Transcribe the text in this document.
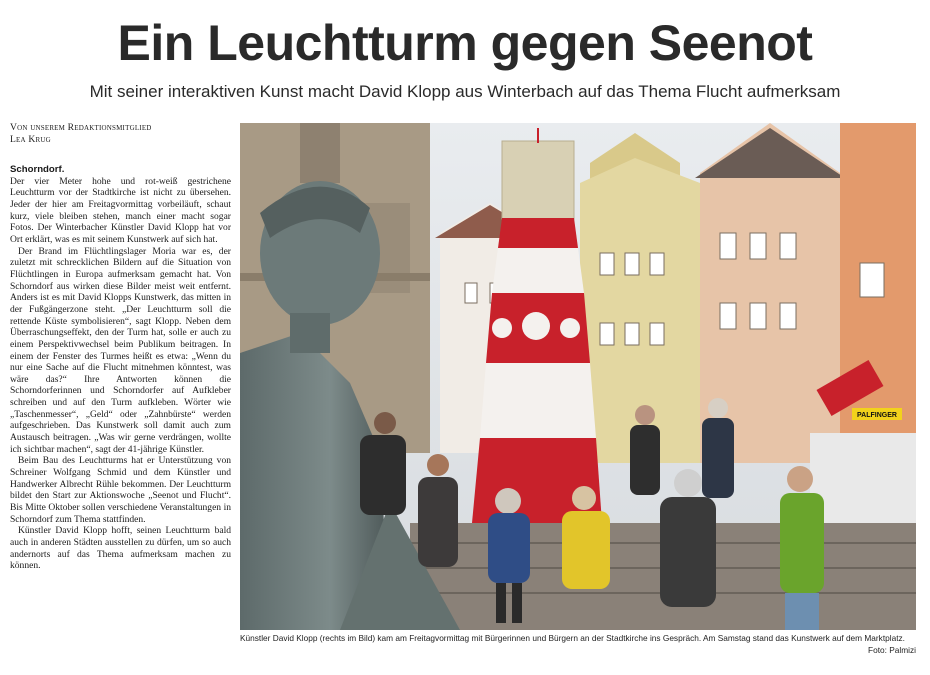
Ein Leuchtturm gegen Seenot
Mit seiner interaktiven Kunst macht David Klopp aus Winterbach auf das Thema Flucht aufmerksam
Von unserem Redaktionsmitglied
Lea Krug
Schorndorf.

Der vier Meter hohe und rot-weiß gestrichene Leuchtturm vor der Stadtkirche ist nicht zu übersehen. Jeder der hier am Freitagvormittag vorbeiläuft, schaut kurz, viele bleiben stehen, manch einer macht sogar Fotos. Der Winterbacher Künstler David Klopp hat vor Ort erklärt, was es mit seinem Kunstwerk auf sich hat.

Der Brand im Flüchtlingslager Moria war es, der zuletzt mit schrecklichen Bildern auf die Situation von Flüchtlingen in Europa aufmerksam gemacht hat. Von Schorndorf aus wirken diese Bilder meist weit entfernt. Anders ist es mit David Klopps Kunstwerk, das mitten in der Fußgängerzone steht. „Der Leuchtturm soll die rettende Küste symbolisieren“, sagt Klopp. Neben dem Überraschungseffekt, den der Turm hat, solle er auch zu einem Perspektivwechsel beim Publikum beitragen. In einem der Fenster des Turmes heißt es etwa: „Wenn du nur eine Sache auf die Flucht mitnehmen könntest, was wäre das?“ Ihre Antworten können die Schorndorferinnen und Schorndorfer auf Aufkleber schreiben und auf den Turm aufkleben. Wörter wie „Taschenmesser“, „Geld“ oder „Zahnbürste“ werden aufgeschrieben. Das Kunstwerk soll damit auch zum Austausch beitragen. „Was wir gerne verdrängen, wollte ich sichtbar machen“, sagt der 41-jährige Künstler.

Beim Bau des Leuchtturms hat er Unterstützung von Schreiner Wolfgang Schmid und dem Künstler und Handwerker Albrecht Rühle bekommen. Der Leuchtturm bildet den Start zur Aktionswoche „Seenot und Flucht“. Bis Mitte Oktober sollen verschiedene Veranstaltungen in Schorndorf zum Thema stattfinden.

Künstler David Klopp hofft, seinen Leuchtturm bald auch in anderen Städten ausstellen zu dürfen, um so auch andernorts auf das Thema aufmerksam machen zu können.

PALFINGER
Künstler David Klopp (rechts im Bild) kam am Freitagvormittag mit Bürgerinnen und Bürgern an der Stadtkirche ins Gespräch. Am Samstag stand das Kunstwerk auf dem Marktplatz.
Foto: Palmizi
